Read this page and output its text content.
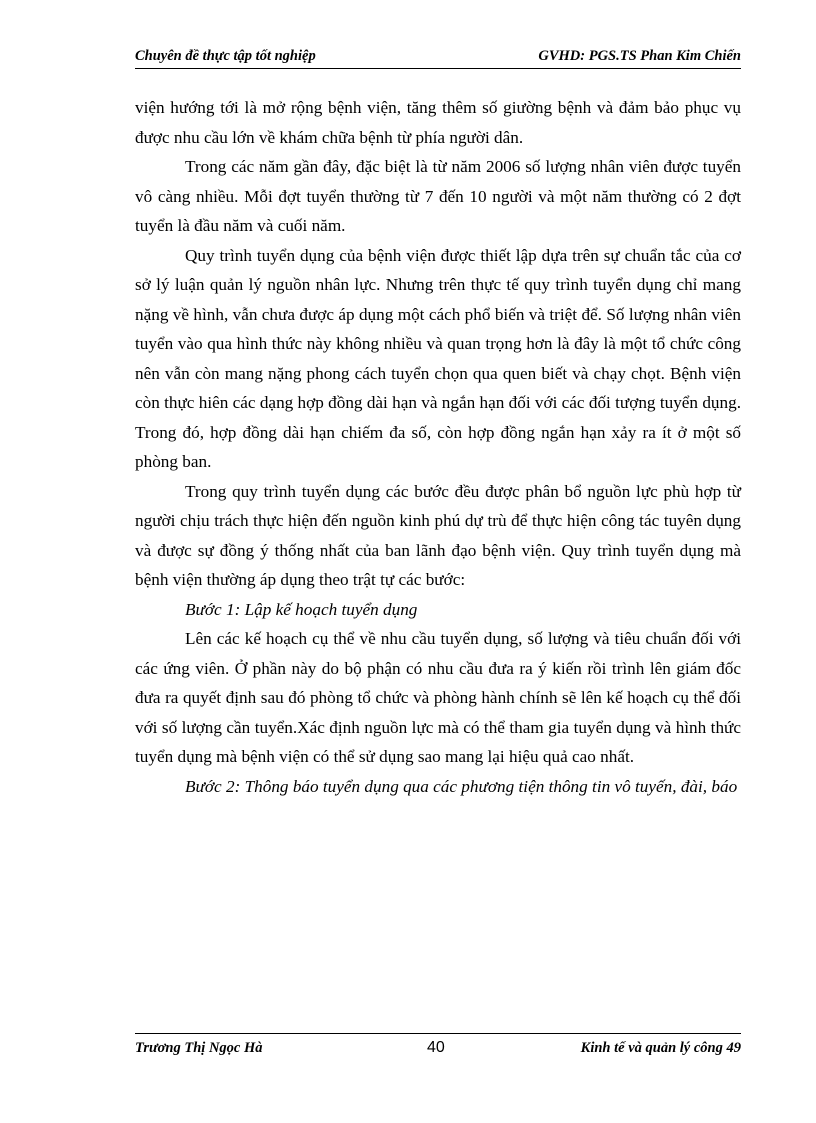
Chuyên đề thực tập tốt nghiệp	GVHD: PGS.TS Phan Kim Chiến

viện hướng tới là mở rộng bệnh viện, tăng thêm số giường bệnh và đảm bảo phục vụ được nhu cầu lớn về khám chữa bệnh từ phía người dân.

Trong các năm gần đây, đặc biệt là từ năm 2006 số lượng nhân viên được tuyển vô càng nhiều. Mỗi đợt tuyển thường từ 7 đến 10 người và một năm thường có 2 đợt tuyển là đầu năm và cuối năm.

Quy trình tuyển dụng của bệnh viện được thiết lập dựa trên sự chuẩn tắc của cơ sở lý luận quản lý nguồn nhân lực. Nhưng trên thực tế quy trình tuyển dụng chỉ mang nặng về hình, vẫn chưa được áp dụng một cách phổ biến và triệt để. Số lượng nhân viên tuyển vào qua hình thức này không nhiều và quan trọng hơn là đây là một tổ chức công nên vẫn còn mang nặng phong cách tuyển chọn qua quen biết và chạy chọt. Bệnh viện còn thực hiên các dạng hợp đồng dài hạn và ngắn hạn đối với các đối tượng tuyển dụng. Trong đó, hợp đồng dài hạn chiếm đa số, còn hợp đồng ngắn hạn xảy ra ít ở một số phòng ban.

Trong quy trình tuyển dụng các bước đều được phân bổ nguồn lực phù hợp từ người chịu trách thực hiện đến nguồn kinh phú dự trù để thực hiện công tác tuyên dụng và được sự đồng ý thống nhất của ban lãnh đạo bệnh viện. Quy trình tuyển dụng mà bệnh viện thường áp dụng theo trật tự các bước:

Bước 1: Lập kế hoạch tuyển dụng

Lên các kế hoạch cụ thể về nhu cầu tuyển dụng, số lượng và tiêu chuẩn đối với các ứng viên. Ở phần này do bộ phận có nhu cầu đưa ra ý kiến rồi trình lên giám đốc đưa ra quyết định sau đó phòng tổ chức và phòng hành chính sẽ lên kế hoạch cụ thể đối với số lượng cần tuyển.Xác định nguồn lực mà có thể tham gia tuyển dụng và hình thức tuyển dụng mà bệnh viện có thể sử dụng sao mang lại hiệu quả cao nhất.

Bước 2: Thông báo tuyển dụng qua các phương tiện thông tin vô tuyến, đài, báo

Trương Thị Ngọc Hà	40	Kinh tế và quản lý công 49
